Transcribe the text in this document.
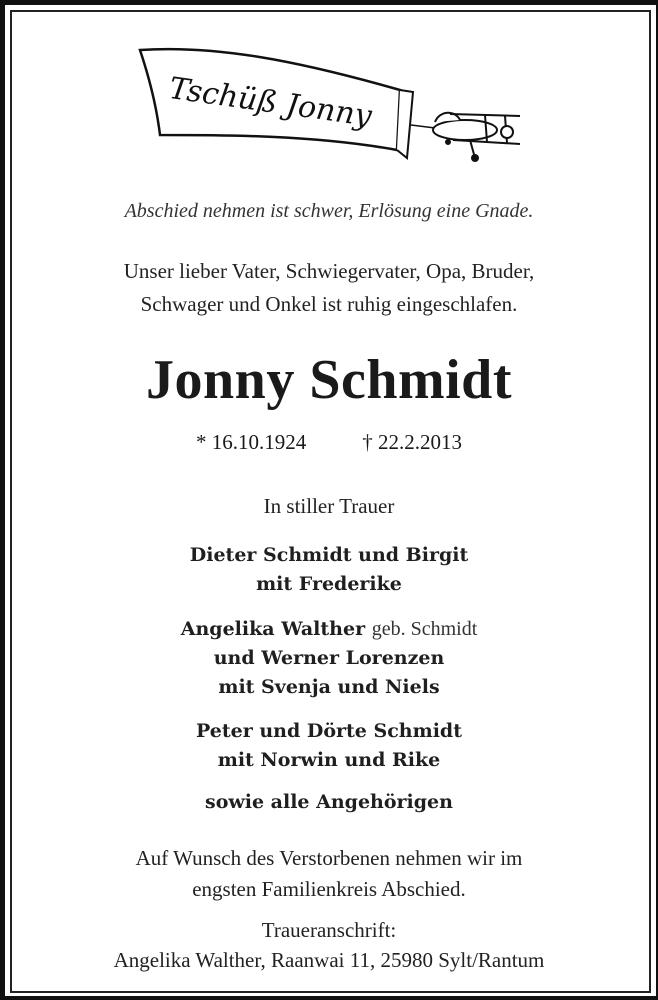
Tschüß Jonny
Abschied nehmen ist schwer, Erlösung eine Gnade.
Unser lieber Vater, Schwiegervater, Opa, Bruder,
Schwager und Onkel ist ruhig eingeschlafen.
Jonny Schmidt
* 16.10.1924	† 22.2.2013
In stiller Trauer
Dieter Schmidt und Birgit
mit Frederike
Angelika Walther geb. Schmidt
und Werner Lorenzen
mit Svenja und Niels
Peter und Dörte Schmidt
mit Norwin und Rike
sowie alle Angehörigen
Auf Wunsch des Verstorbenen nehmen wir im
engsten Familienkreis Abschied.
Traueranschrift:
Angelika Walther, Raanwai 11, 25980 Sylt/Rantum
